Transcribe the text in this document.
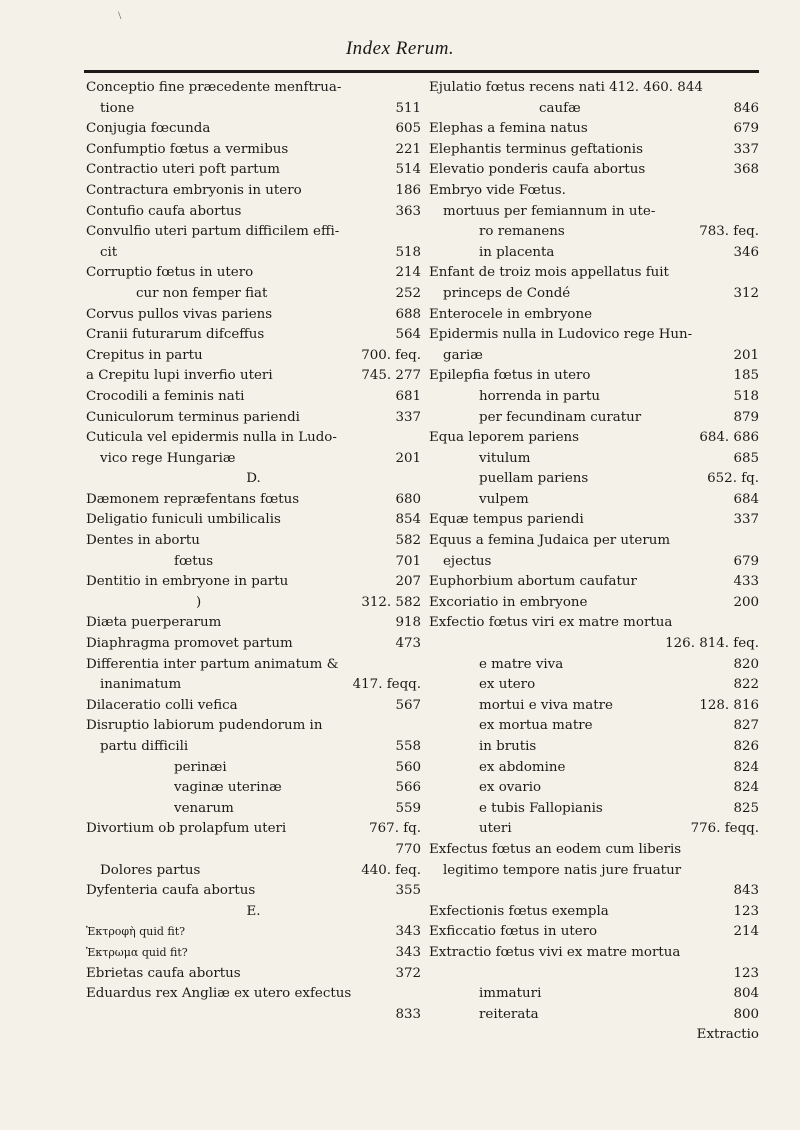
\
Index Rerum.
Conceptio fine præcedente menftrua-
tione	511
Conjugia fœcunda	605
Confumptio fœtus a vermibus	221
Contractio uteri poft partum	514
Contractura embryonis in utero	186
Contufio caufa abortus	363
Convulfio uteri partum difficilem effi-
cit	518
Corruptio fœtus in utero	214
cur non femper fiat	252
Corvus pullos vivas pariens	688
Cranii futurarum difceffus	564
Crepitus in partu	700. feq.
a Crepitu lupi inverfio uteri	745. 277
Crocodili a feminis nati	681
Cuniculorum terminus pariendi	337
Cuticula vel epidermis nulla in Ludo-
vico rege Hungariæ	201
D.
Dæmonem repræfentans fœtus	680
Deligatio funiculi umbilicalis	854
Dentes in abortu	582
fœtus	701
Dentitio in embryone in partu	207
)	312. 582
Diæta puerperarum	918
Diaphragma promovet partum	473
Differentia inter partum animatum &
inanimatum	417. feqq.
Dilaceratio colli vefica	567
Disruptio labiorum pudendorum in
partu difficili	558
perinæi	560
vaginæ uterinæ	566
venarum	559
Divortium ob prolapfum uteri	767. fq.
770
Dolores partus	440. feq.
Dyfenteria caufa abortus	355
E.
Ἐκτροφὴ quid fit?	343
Ἐκτρωμα quid fit?	343
Ebrietas caufa abortus	372
Eduardus rex Angliæ ex utero exfectus
833
Ejulatio fœtus recens nati 412. 460. 844
caufæ	846
Elephas a femina natus	679
Elephantis terminus geftationis	337
Elevatio ponderis caufa abortus	368
Embryo vide Fœtus.
mortuus per femiannum in ute-
ro remanens	783. feq.
in placenta	346
Enfant de troiz mois appellatus fuit
princeps de Condé	312
Enterocele in embryone
Epidermis nulla in Ludovico rege Hun-
gariæ	201
Epilepfia fœtus in utero	185
horrenda in partu	518
per fecundinam curatur	879
Equa leporem pariens	684. 686
vitulum	685
puellam pariens	652. fq.
vulpem	684
Equæ tempus pariendi	337
Equus a femina Judaica per uterum
ejectus	679
Euphorbium abortum caufatur	433
Excoriatio in embryone	200
Exfectio fœtus viri ex matre mortua
126. 814. feq.
e matre viva	820
ex utero	822
mortui e viva matre	128. 816
ex mortua matre	827
in brutis	826
ex abdomine	824
ex ovario	824
e tubis Fallopianis	825
uteri	776. feqq.
Exfectus fœtus an eodem cum liberis
legitimo tempore natis jure fruatur
843
Exfectionis fœtus exempla	123
Exficcatio fœtus in utero	214
Extractio fœtus vivi ex matre mortua
123
immaturi	804
reiterata	800
Extractio
